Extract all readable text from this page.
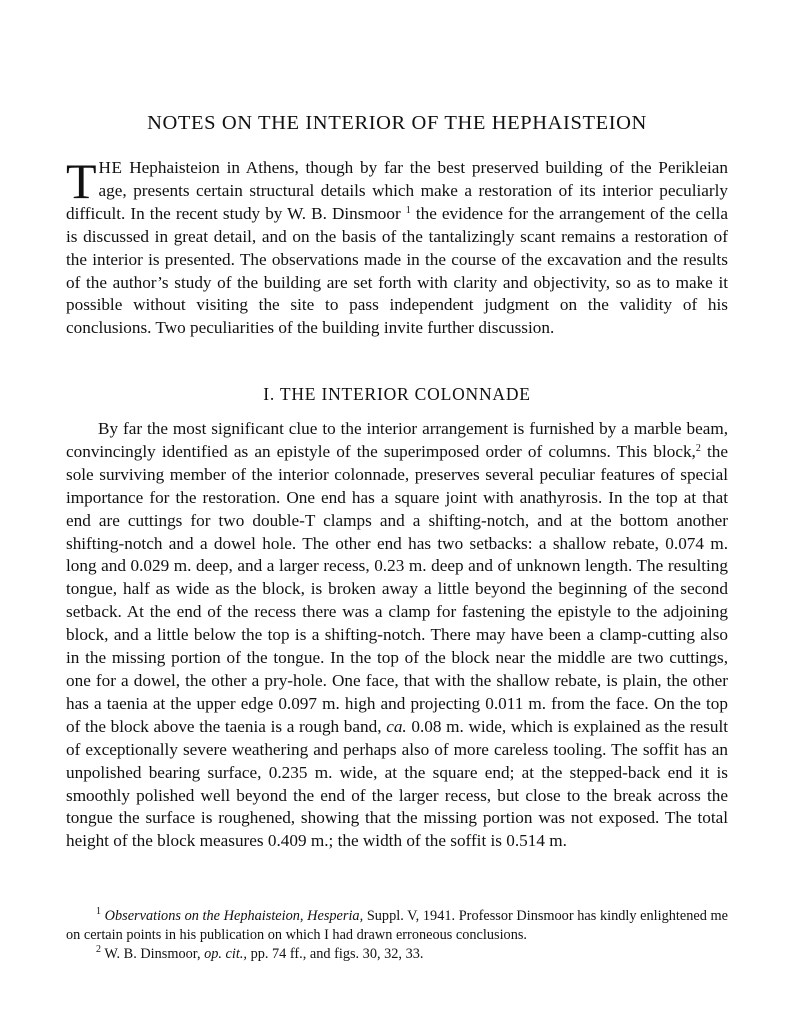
NOTES ON THE INTERIOR OF THE HEPHAISTEION

THE Hephaisteion in Athens, though by far the best preserved building of the Perikleian age, presents certain structural details which make a restoration of its interior peculiarly difficult. In the recent study by W. B. Dinsmoor $^1$ the evidence for the arrangement of the cella is discussed in great detail, and on the basis of the tantalizingly scant remains a restoration of the interior is presented. The observations made in the course of the excavation and the results of the author’s study of the building are set forth with clarity and objectivity, so as to make it possible without visiting the site to pass independent judgment on the validity of his conclusions. Two peculiarities of the building invite further discussion.

I. THE INTERIOR COLONNADE

By far the most significant clue to the interior arrangement is furnished by a marble beam, convincingly identified as an epistyle of the superimposed order of columns. This block,$^2$ the sole surviving member of the interior colonnade, preserves several peculiar features of special importance for the restoration. One end has a square joint with anathyrosis. In the top at that end are cuttings for two double-T clamps and a shifting-notch, and at the bottom another shifting-notch and a dowel hole. The other end has two setbacks: a shallow rebate, 0.074 m. long and 0.029 m. deep, and a larger recess, 0.23 m. deep and of unknown length. The resulting tongue, half as wide as the block, is broken away a little beyond the beginning of the second setback. At the end of the recess there was a clamp for fastening the epistyle to the adjoining block, and a little below the top is a shifting-notch. There may have been a clamp-cutting also in the missing portion of the tongue. In the top of the block near the middle are two cuttings, one for a dowel, the other a pry-hole. One face, that with the shallow rebate, is plain, the other has a taenia at the upper edge 0.097 m. high and projecting 0.011 m. from the face. On the top of the block above the taenia is a rough band, ca. 0.08 m. wide, which is explained as the result of exceptionally severe weathering and perhaps also of more careless tooling. The soffit has an unpolished bearing surface, 0.235 m. wide, at the square end; at the stepped-back end it is smoothly polished well beyond the end of the larger recess, but close to the break across the tongue the surface is roughened, showing that the missing portion was not exposed. The total height of the block measures 0.409 m.; the width of the soffit is 0.514 m.

$^1$ Observations on the Hephaisteion, Hesperia, Suppl. V, 1941. Professor Dinsmoor has kindly enlightened me on certain points in his publication on which I had drawn erroneous conclusions.

$^2$ W. B. Dinsmoor, op. cit., pp. 74 ff., and figs. 30, 32, 33.
